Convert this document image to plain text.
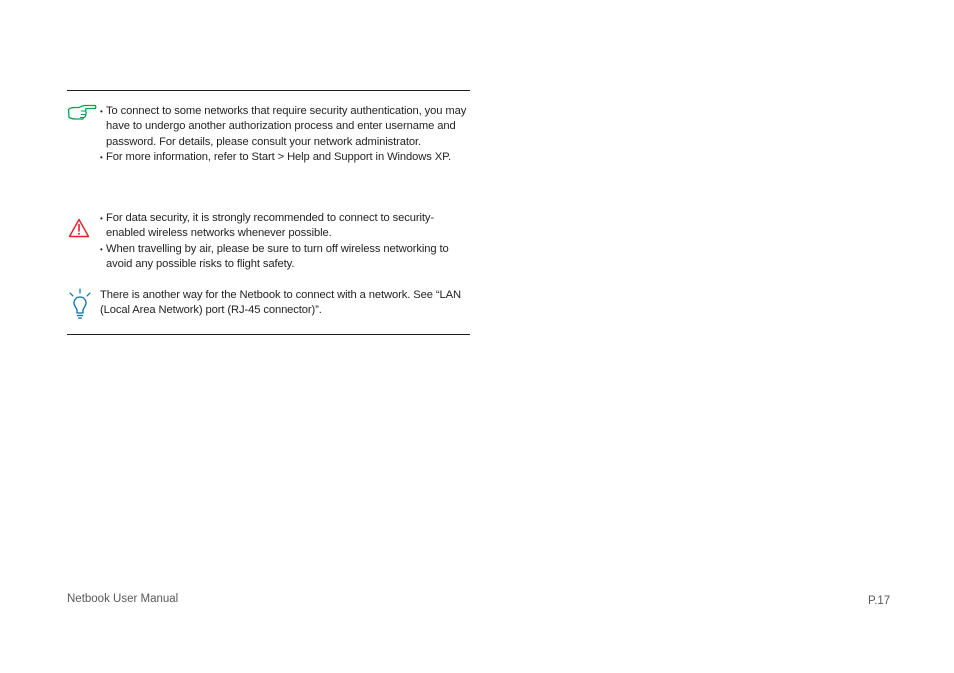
• To connect to some networks that require security authentication, you may have to undergo another authorization process and enter username and password. For details, please consult your network administrator.
• For more information, refer to Start > Help and Support in Windows XP.
• For data security, it is strongly recommended to connect to security-enabled wireless networks whenever possible.
• When travelling by air, please be sure to turn off wireless networking to avoid any possible risks to flight safety.

There is another way for the Netbook to connect with a network. See “LAN (Local Area Network) port (RJ-45 connector)”.

Netbook User Manual	P.17
